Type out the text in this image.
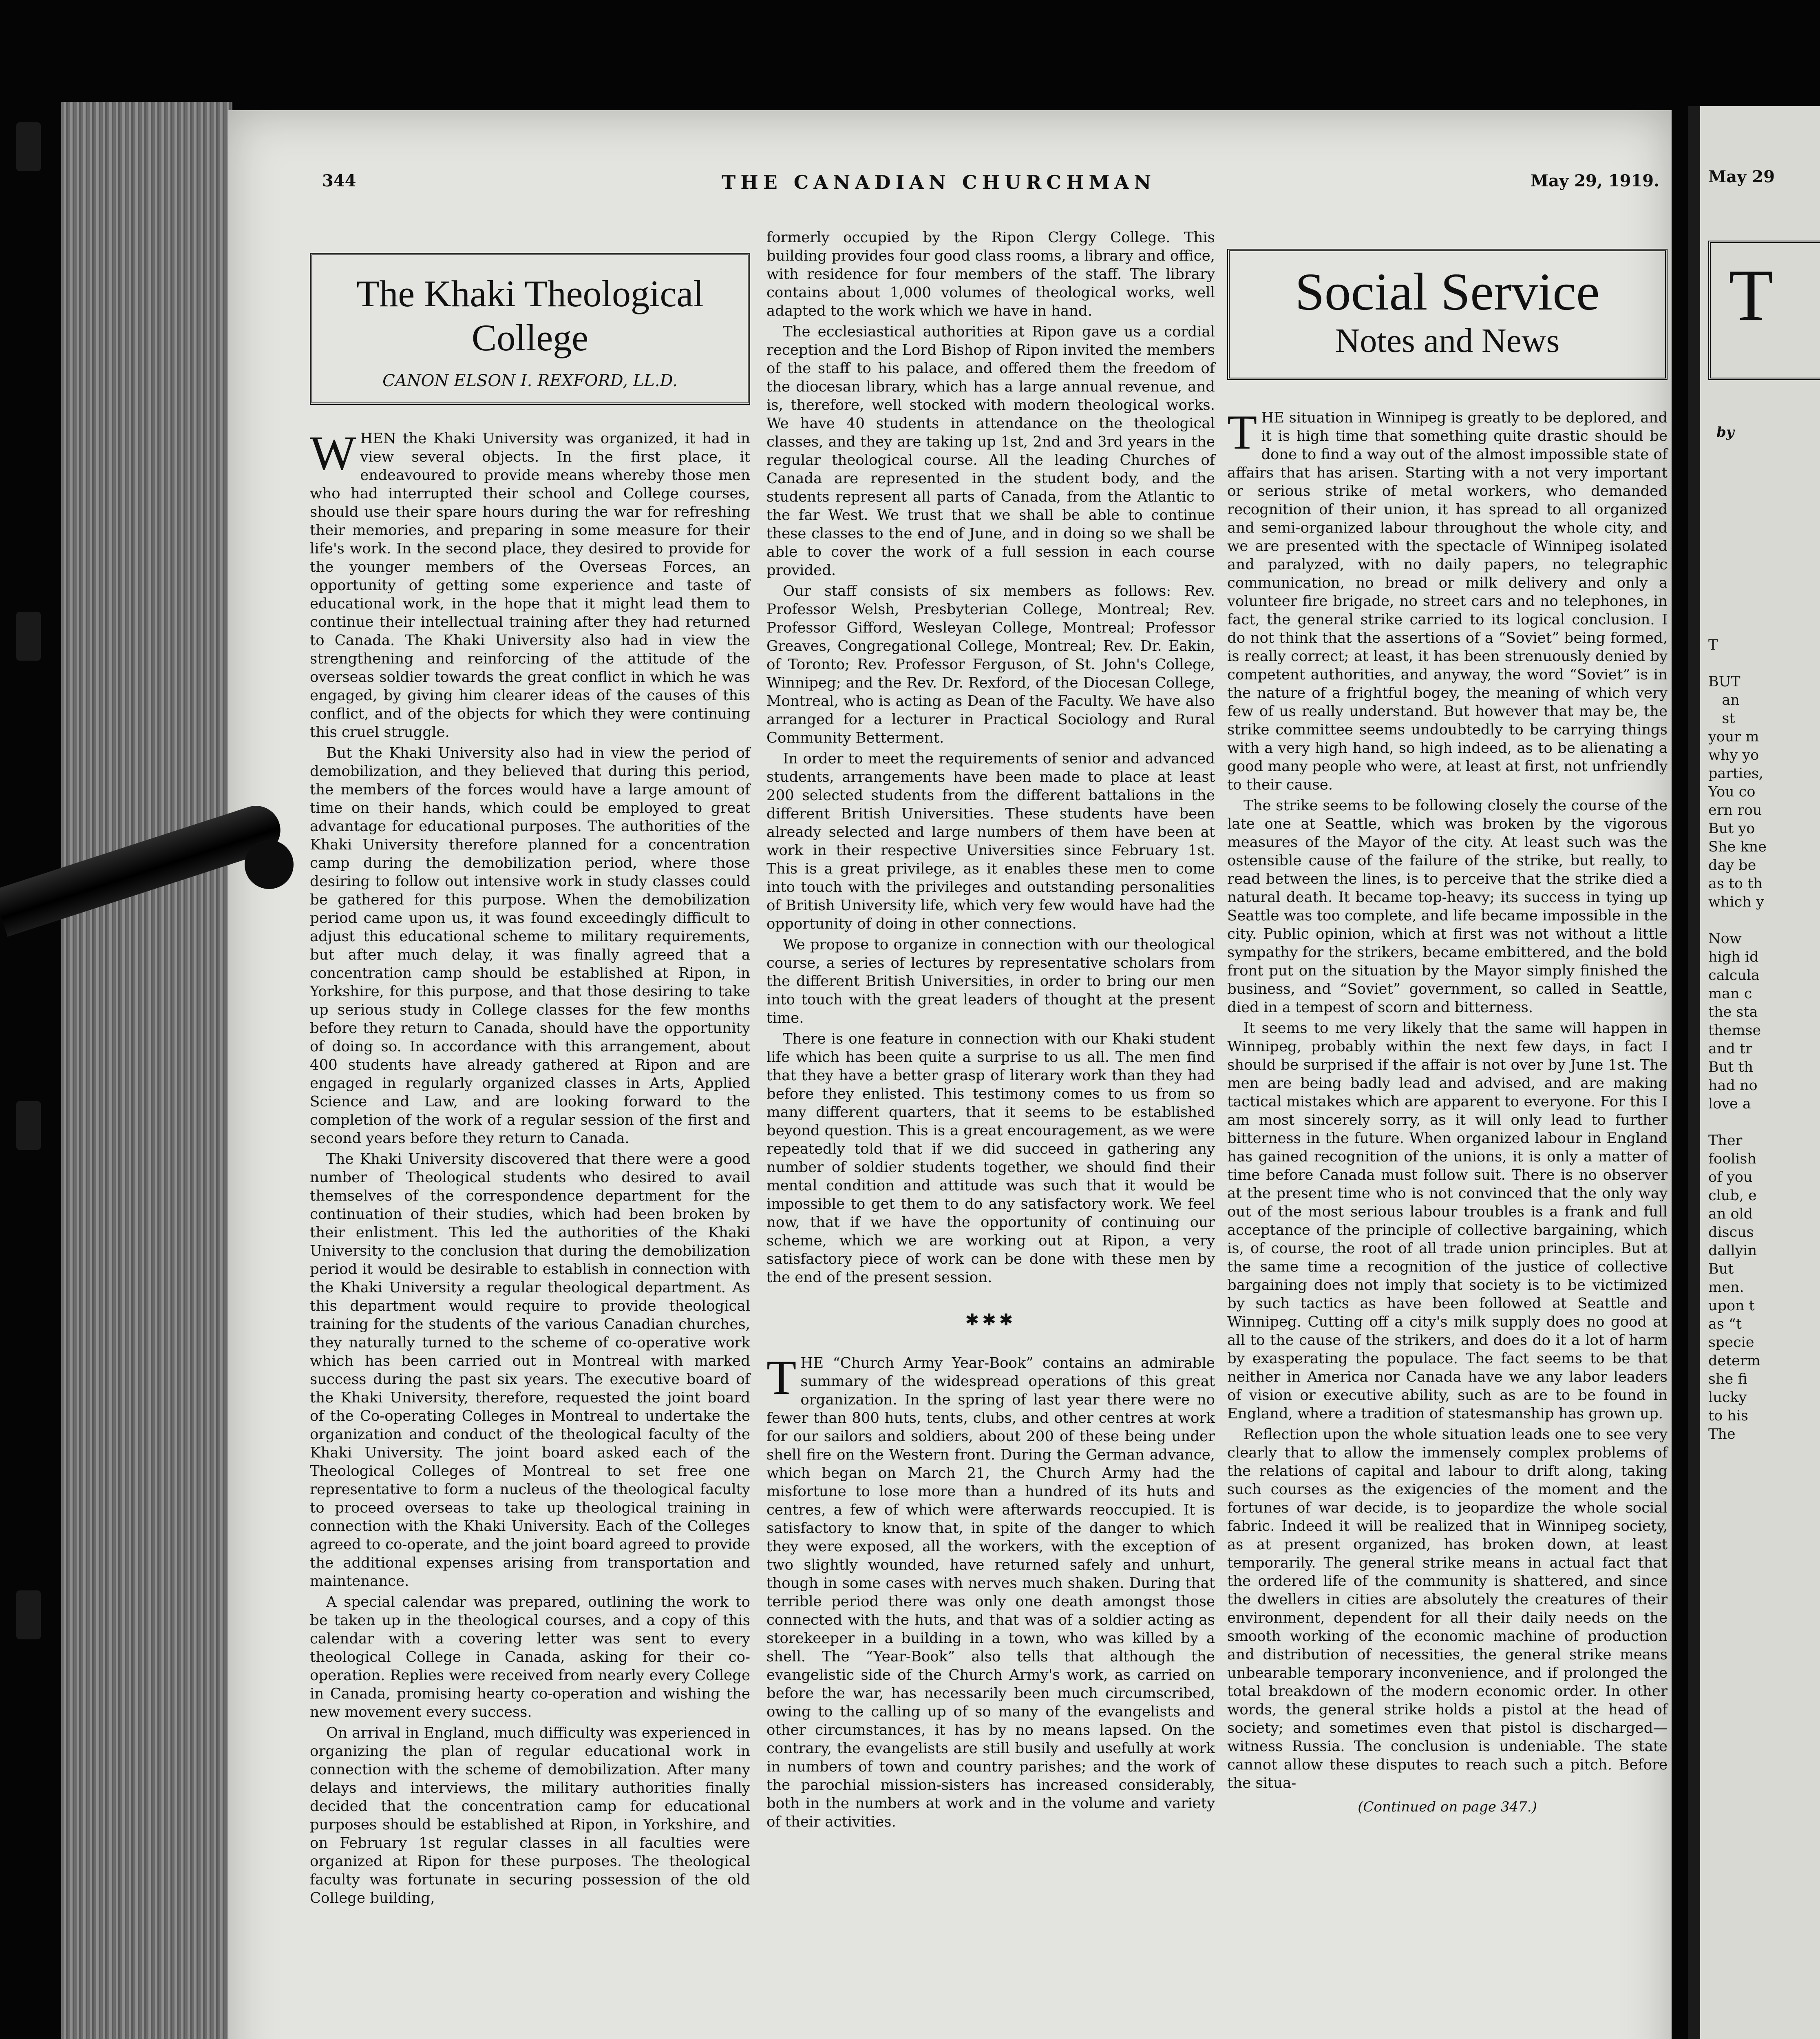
May 29
T
by
T

BUT
an
st
your m
why yo
parties,
You co
ern rou
But yo
She kne
day be
as to th
which y

Now
high id
calcula
man c
the sta
themse
and tr
But th
had no
love a

Ther
foolish
of you
club, e
an old
discus
dallyin
But
men.
upon t
as “t
specie
determ
she fi
lucky
to his
The
344	THE CANADIAN CHURCHMAN	May 29, 1919.
The Khaki Theological College
CANON ELSON I. REXFORD, LL.D.

WHEN the Khaki University was organized, it had in view several objects. In the first place, it endeavoured to provide means whereby those men who had interrupted their school and College courses, should use their spare hours during the war for refreshing their memories, and preparing in some measure for their life's work. In the second place, they desired to provide for the younger members of the Overseas Forces, an opportunity of getting some experience and taste of educational work, in the hope that it might lead them to continue their intellectual training after they had returned to Canada. The Khaki University also had in view the strengthening and reinforcing of the attitude of the overseas soldier towards the great conflict in which he was engaged, by giving him clearer ideas of the causes of this conflict, and of the objects for which they were continuing this cruel struggle.

But the Khaki University also had in view the period of demobilization, and they believed that during this period, the members of the forces would have a large amount of time on their hands, which could be employed to great advantage for educational purposes. The authorities of the Khaki University therefore planned for a concentration camp during the demobilization period, where those desiring to follow out intensive work in study classes could be gathered for this purpose. When the demobilization period came upon us, it was found exceedingly difficult to adjust this educational scheme to military requirements, but after much delay, it was finally agreed that a concentration camp should be established at Ripon, in Yorkshire, for this purpose, and that those desiring to take up serious study in College classes for the few months before they return to Canada, should have the opportunity of doing so. In accordance with this arrangement, about 400 students have already gathered at Ripon and are engaged in regularly organized classes in Arts, Applied Science and Law, and are looking forward to the completion of the work of a regular session of the first and second years before they return to Canada.

The Khaki University discovered that there were a good number of Theological students who desired to avail themselves of the correspondence department for the continuation of their studies, which had been broken by their enlistment. This led the authorities of the Khaki University to the conclusion that during the demobilization period it would be desirable to establish in connection with the Khaki University a regular theological department. As this department would require to provide theological training for the students of the various Canadian churches, they naturally turned to the scheme of co-operative work which has been carried out in Montreal with marked success during the past six years. The executive board of the Khaki University, therefore, requested the joint board of the Co-operating Colleges in Montreal to undertake the organization and conduct of the theological faculty of the Khaki University. The joint board asked each of the Theological Colleges of Montreal to set free one representative to form a nucleus of the theological faculty to proceed overseas to take up theological training in connection with the Khaki University. Each of the Colleges agreed to co-operate, and the joint board agreed to provide the additional expenses arising from transportation and maintenance.

A special calendar was prepared, outlining the work to be taken up in the theological courses, and a copy of this calendar with a covering letter was sent to every theological College in Canada, asking for their co-operation. Replies were received from nearly every College in Canada, promising hearty co-operation and wishing the new movement every success.

On arrival in England, much difficulty was experienced in organizing the plan of regular educational work in connection with the scheme of demobilization. After many delays and interviews, the military authorities finally decided that the concentration camp for educational purposes should be established at Ripon, in Yorkshire, and on February 1st regular classes in all faculties were organized at Ripon for these purposes. The theological faculty was fortunate in securing possession of the old College building,

formerly occupied by the Ripon Clergy College. This building provides four good class rooms, a library and office, with residence for four members of the staff. The library contains about 1,000 volumes of theological works, well adapted to the work which we have in hand.

The ecclesiastical authorities at Ripon gave us a cordial reception and the Lord Bishop of Ripon invited the members of the staff to his palace, and offered them the freedom of the diocesan library, which has a large annual revenue, and is, therefore, well stocked with modern theological works. We have 40 students in attendance on the theological classes, and they are taking up 1st, 2nd and 3rd years in the regular theological course. All the leading Churches of Canada are represented in the student body, and the students represent all parts of Canada, from the Atlantic to the far West. We trust that we shall be able to continue these classes to the end of June, and in doing so we shall be able to cover the work of a full session in each course provided.

Our staff consists of six members as follows: Rev. Professor Welsh, Presbyterian College, Montreal; Rev. Professor Gifford, Wesleyan College, Montreal; Professor Greaves, Congregational College, Montreal; Rev. Dr. Eakin, of Toronto; Rev. Professor Ferguson, of St. John's College, Winnipeg; and the Rev. Dr. Rexford, of the Diocesan College, Montreal, who is acting as Dean of the Faculty. We have also arranged for a lecturer in Practical Sociology and Rural Community Betterment.

In order to meet the requirements of senior and advanced students, arrangements have been made to place at least 200 selected students from the different battalions in the different British Universities. These students have been already selected and large numbers of them have been at work in their respective Universities since February 1st. This is a great privilege, as it enables these men to come into touch with the privileges and outstanding personalities of British University life, which very few would have had the opportunity of doing in other connections.

We propose to organize in connection with our theological course, a series of lectures by representative scholars from the different British Universities, in order to bring our men into touch with the great leaders of thought at the present time.

There is one feature in connection with our Khaki student life which has been quite a surprise to us all. The men find that they have a better grasp of literary work than they had before they enlisted. This testimony comes to us from so many different quarters, that it seems to be established beyond question. This is a great encouragement, as we were repeatedly told that if we did succeed in gathering any number of soldier students together, we should find their mental condition and attitude was such that it would be impossible to get them to do any satisfactory work. We feel now, that if we have the opportunity of continuing our scheme, which we are working out at Ripon, a very satisfactory piece of work can be done with these men by the end of the present session.

✱✱✱

THE “Church Army Year-Book” contains an admirable summary of the widespread operations of this great organization. In the spring of last year there were no fewer than 800 huts, tents, clubs, and other centres at work for our sailors and soldiers, about 200 of these being under shell fire on the Western front. During the German advance, which began on March 21, the Church Army had the misfortune to lose more than a hundred of its huts and centres, a few of which were afterwards reoccupied. It is satisfactory to know that, in spite of the danger to which they were exposed, all the workers, with the exception of two slightly wounded, have returned safely and unhurt, though in some cases with nerves much shaken. During that terrible period there was only one death amongst those connected with the huts, and that was of a soldier acting as storekeeper in a building in a town, who was killed by a shell. The “Year-Book” also tells that although the evangelistic side of the Church Army's work, as carried on before the war, has necessarily been much circumscribed, owing to the calling up of so many of the evangelists and other circumstances, it has by no means lapsed. On the contrary, the evangelists are still busily and usefully at work in numbers of town and country parishes; and the work of the parochial mission-sisters has increased considerably, both in the numbers at work and in the volume and variety of their activities.

Social Service
Notes and News

THE situation in Winnipeg is greatly to be deplored, and it is high time that something quite drastic should be done to find a way out of the almost impossible state of affairs that has arisen. Starting with a not very important or serious strike of metal workers, who demanded recognition of their union, it has spread to all organized and semi-organized labour throughout the whole city, and we are presented with the spectacle of Winnipeg isolated and paralyzed, with no daily papers, no telegraphic communication, no bread or milk delivery and only a volunteer fire brigade, no street cars and no telephones, in fact, the general strike carried to its logical conclusion. I do not think that the assertions of a “Soviet” being formed, is really correct; at least, it has been strenuously denied by competent authorities, and anyway, the word “Soviet” is in the nature of a frightful bogey, the meaning of which very few of us really understand. But however that may be, the strike committee seems undoubtedly to be carrying things with a very high hand, so high indeed, as to be alienating a good many people who were, at least at first, not unfriendly to their cause.

The strike seems to be following closely the course of the late one at Seattle, which was broken by the vigorous measures of the Mayor of the city. At least such was the ostensible cause of the failure of the strike, but really, to read between the lines, is to perceive that the strike died a natural death. It became top-heavy; its success in tying up Seattle was too complete, and life became impossible in the city. Public opinion, which at first was not without a little sympathy for the strikers, became embittered, and the bold front put on the situation by the Mayor simply finished the business, and “Soviet” government, so called in Seattle, died in a tempest of scorn and bitterness.

It seems to me very likely that the same will happen in Winnipeg, probably within the next few days, in fact I should be surprised if the affair is not over by June 1st. The men are being badly lead and advised, and are making tactical mistakes which are apparent to everyone. For this I am most sincerely sorry, as it will only lead to further bitterness in the future. When organized labour in England has gained recognition of the unions, it is only a matter of time before Canada must follow suit. There is no observer at the present time who is not convinced that the only way out of the most serious labour troubles is a frank and full acceptance of the principle of collective bargaining, which is, of course, the root of all trade union principles. But at the same time a recognition of the justice of collective bargaining does not imply that society is to be victimized by such tactics as have been followed at Seattle and Winnipeg. Cutting off a city's milk supply does no good at all to the cause of the strikers, and does do it a lot of harm by exasperating the populace. The fact seems to be that neither in America nor Canada have we any labor leaders of vision or executive ability, such as are to be found in England, where a tradition of statesmanship has grown up.

Reflection upon the whole situation leads one to see very clearly that to allow the immensely complex problems of the relations of capital and labour to drift along, taking such courses as the exigencies of the moment and the fortunes of war decide, is to jeopardize the whole social fabric. Indeed it will be realized that in Winnipeg society, as at present organized, has broken down, at least temporarily. The general strike means in actual fact that the ordered life of the community is shattered, and since the dwellers in cities are absolutely the creatures of their environment, dependent for all their daily needs on the smooth working of the economic machine of production and distribution of necessities, the general strike means unbearable temporary inconvenience, and if prolonged the total breakdown of the modern economic order. In other words, the general strike holds a pistol at the head of society; and sometimes even that pistol is discharged—witness Russia. The conclusion is undeniable. The state cannot allow these disputes to reach such a pitch. Before the situa-

(Continued on page 347.)
